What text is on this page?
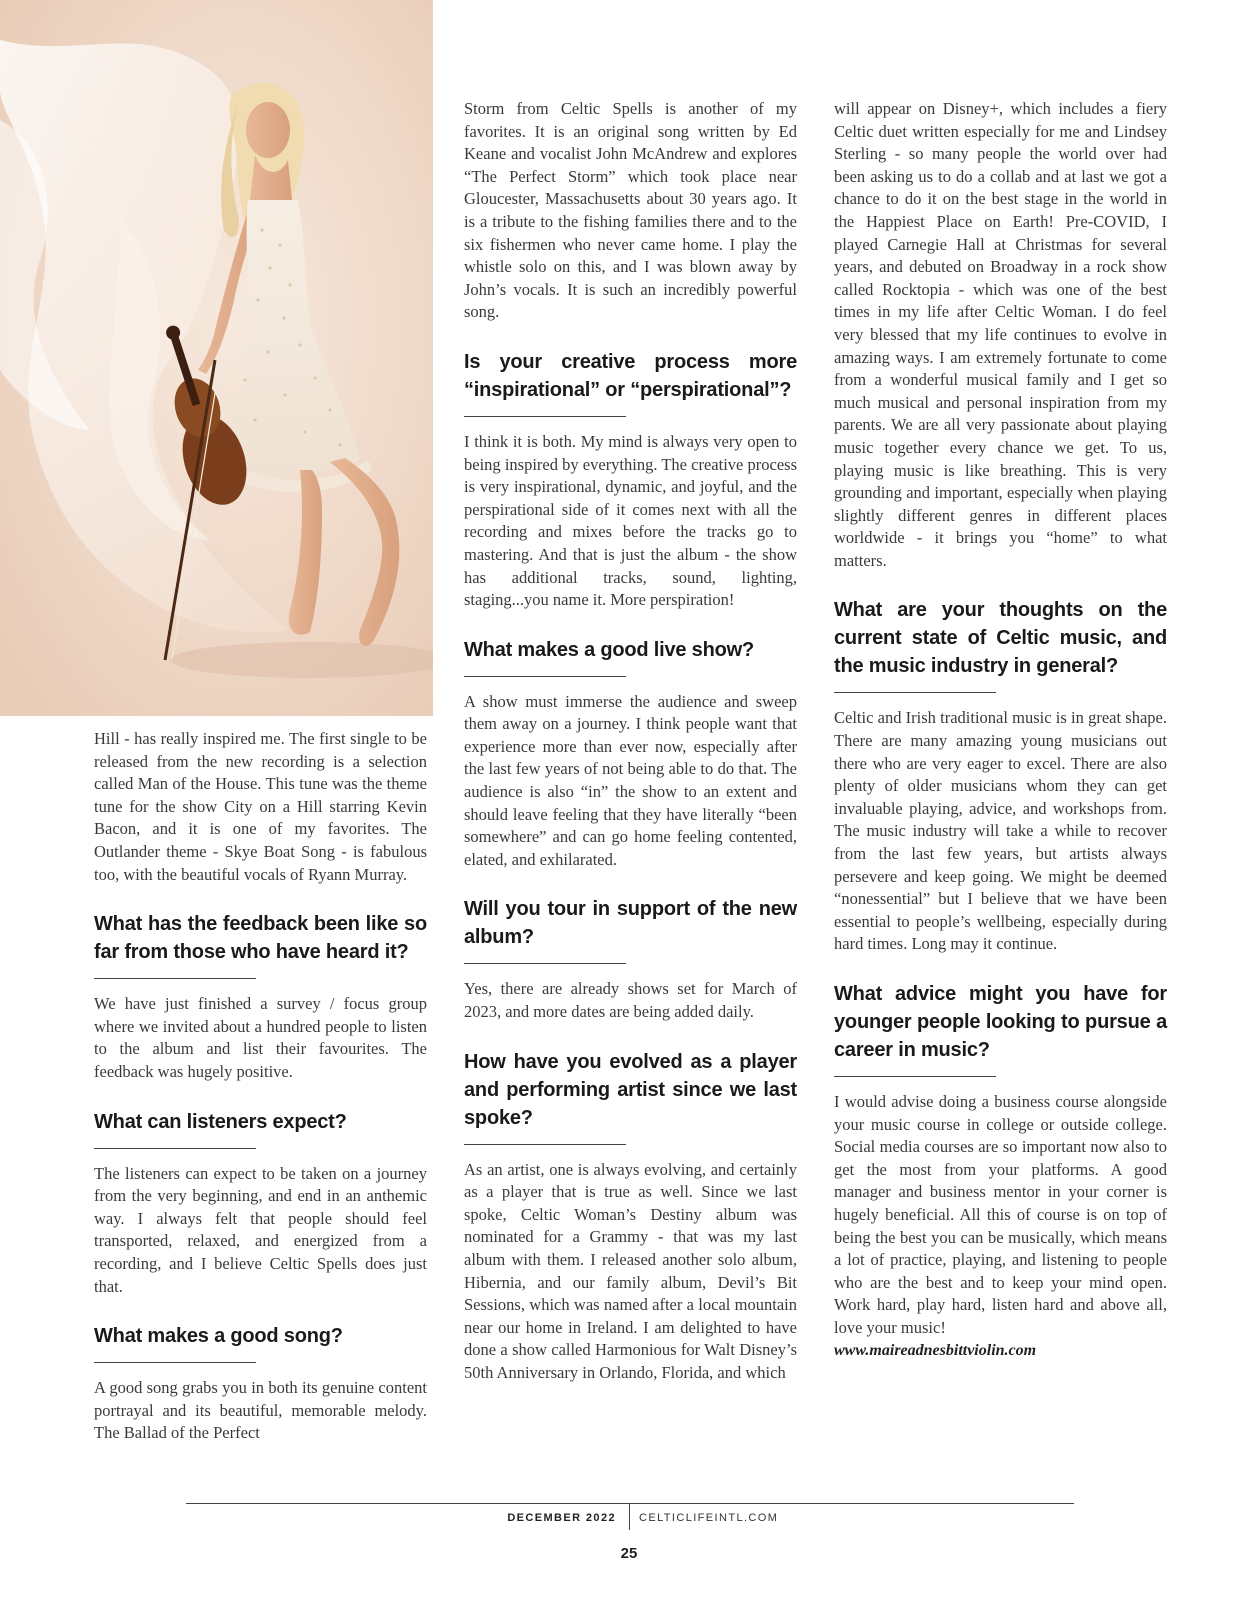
Hill - has really inspired me. The first single to be released from the new recording is a selection called Man of the House. This tune was the theme tune for the show City on a Hill starring Kevin Bacon, and it is one of my favorites. The Outlander theme - Skye Boat Song - is fabulous too, with the beautiful vocals of Ryann Murray.

What has the feedback been like so far from those who have heard it?

We have just finished a survey / focus group where we invited about a hundred people to listen to the album and list their favourites. The feedback was hugely positive.

What can listeners expect?

The listeners can expect to be taken on a journey from the very beginning, and end in an anthemic way. I always felt that people should feel transported, relaxed, and energized from a recording, and I believe Celtic Spells does just that.

What makes a good song?

A good song grabs you in both its genuine content portrayal and its beautiful, memorable melody. The Ballad of the Perfect

Storm from Celtic Spells is another of my favorites. It is an original song written by Ed Keane and vocalist John McAndrew and explores “The Perfect Storm” which took place near Gloucester, Massachusetts about 30 years ago. It is a tribute to the fishing families there and to the six fishermen who never came home. I play the whistle solo on this, and I was blown away by John’s vocals. It is such an incredibly powerful song.

Is your creative process more “inspirational” or “perspirational”?

I think it is both. My mind is always very open to being inspired by everything. The creative process is very inspirational, dynamic, and joyful, and the perspirational side of it comes next with all the recording and mixes before the tracks go to mastering. And that is just the album - the show has additional tracks, sound, lighting, staging...you name it. More perspiration!

What makes a good live show?

A show must immerse the audience and sweep them away on a journey. I think people want that experience more than ever now, especially after the last few years of not being able to do that. The audience is also “in” the show to an extent and should leave feeling that they have literally “been somewhere” and can go home feeling contented, elated, and exhilarated.

Will you tour in support of the new album?

Yes, there are already shows set for March of 2023, and more dates are being added daily.

How have you evolved as a player and performing artist since we last spoke?

As an artist, one is always evolving, and certainly as a player that is true as well. Since we last spoke, Celtic Woman’s Destiny album was nominated for a Grammy - that was my last album with them. I released another solo album, Hibernia, and our family album, Devil’s Bit Sessions, which was named after a local mountain near our home in Ireland. I am delighted to have done a show called Harmonious for Walt Disney’s 50th Anniversary in Orlando, Florida, and which

will appear on Disney+, which includes a fiery Celtic duet written especially for me and Lindsey Sterling - so many people the world over had been asking us to do a collab and at last we got a chance to do it on the best stage in the world in the Happiest Place on Earth! Pre-COVID, I played Carnegie Hall at Christmas for several years, and debuted on Broadway in a rock show called Rocktopia - which was one of the best times in my life after Celtic Woman. I do feel very blessed that my life continues to evolve in amazing ways. I am extremely fortunate to come from a wonderful musical family and I get so much musical and personal inspiration from my parents. We are all very passionate about playing music together every chance we get. To us, playing music is like breathing. This is very grounding and important, especially when playing slightly different genres in different places worldwide - it brings you “home” to what matters.

What are your thoughts on the current state of Celtic music, and the music industry in general?

Celtic and Irish traditional music is in great shape. There are many amazing young musicians out there who are very eager to excel. There are also plenty of older musicians whom they can get invaluable playing, advice, and workshops from. The music industry will take a while to recover from the last few years, but artists always persevere and keep going. We might be deemed “nonessential” but I believe that we have been essential to people’s wellbeing, especially during hard times. Long may it continue.

What advice might you have for younger people looking to pursue a career in music?

I would advise doing a business course alongside your music course in college or outside college. Social media courses are so important now also to get the most from your platforms. A good manager and business mentor in your corner is hugely beneficial. All this of course is on top of being the best you can be musically, which means a lot of practice, playing, and listening to people who are the best and to keep your mind open. Work hard, play hard, listen hard and above all, love your music!

www.maireadnesbittviolin.com

DECEMBER 2022 CELTICLIFEINTL.COM
25
